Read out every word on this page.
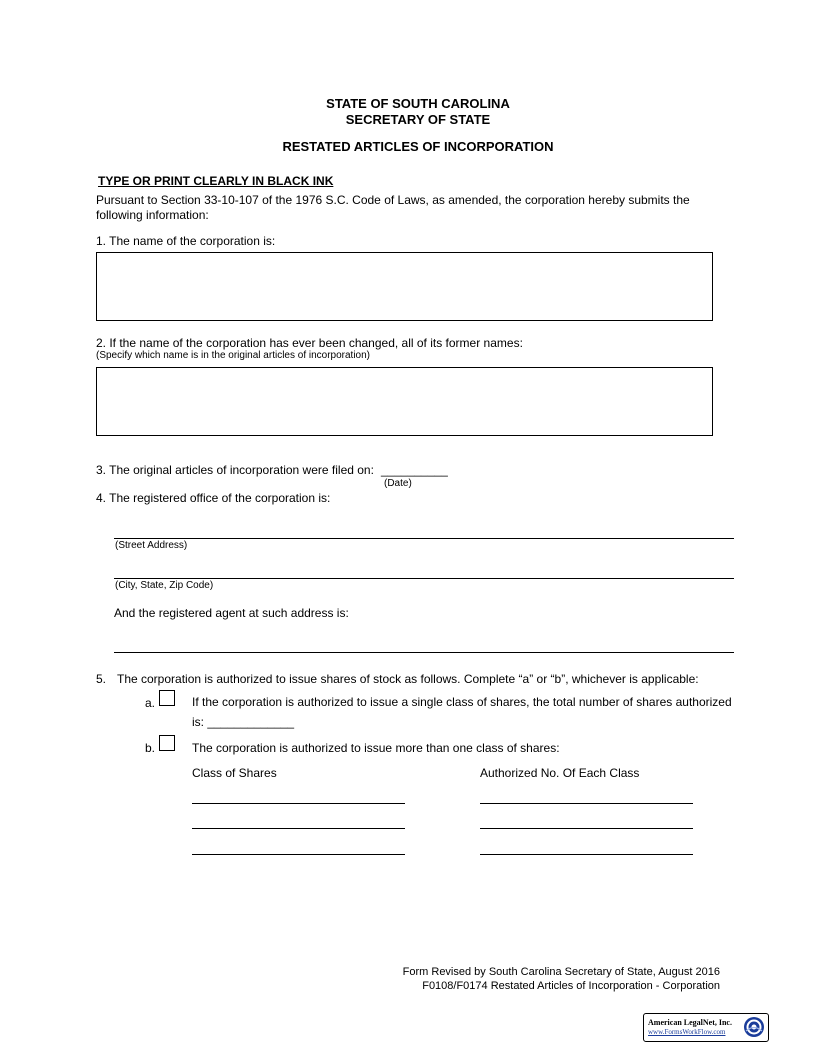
STATE OF SOUTH CAROLINA
SECRETARY OF STATE
RESTATED ARTICLES OF INCORPORATION
TYPE OR PRINT CLEARLY IN BLACK INK
Pursuant to Section 33-10-107 of the 1976 S.C. Code of Laws, as amended, the corporation hereby submits the
following information:
1. The name of the corporation is:
2. If the name of the corporation has ever been changed, all of its former names:
(Specify which name is in the original articles of incorporation)
3. The original articles of incorporation were filed on: __________
(Date)
4. The registered office of the corporation is:
(Street Address)
(City, State, Zip Code)
And the registered agent at such address is:
5. The corporation is authorized to issue shares of stock as follows. Complete “a” or “b”, whichever is applicable:
a.	If the corporation is authorized to issue a single class of shares, the total number of shares authorized
is: _____________
b.	The corporation is authorized to issue more than one class of shares:
Class of Shares	Authorized No. Of Each Class
Form Revised by South Carolina Secretary of State, August 2016
F0108/F0174 Restated Articles of Incorporation - Corporation
American LegalNet, Inc.
www.FormsWorkFlow.com
